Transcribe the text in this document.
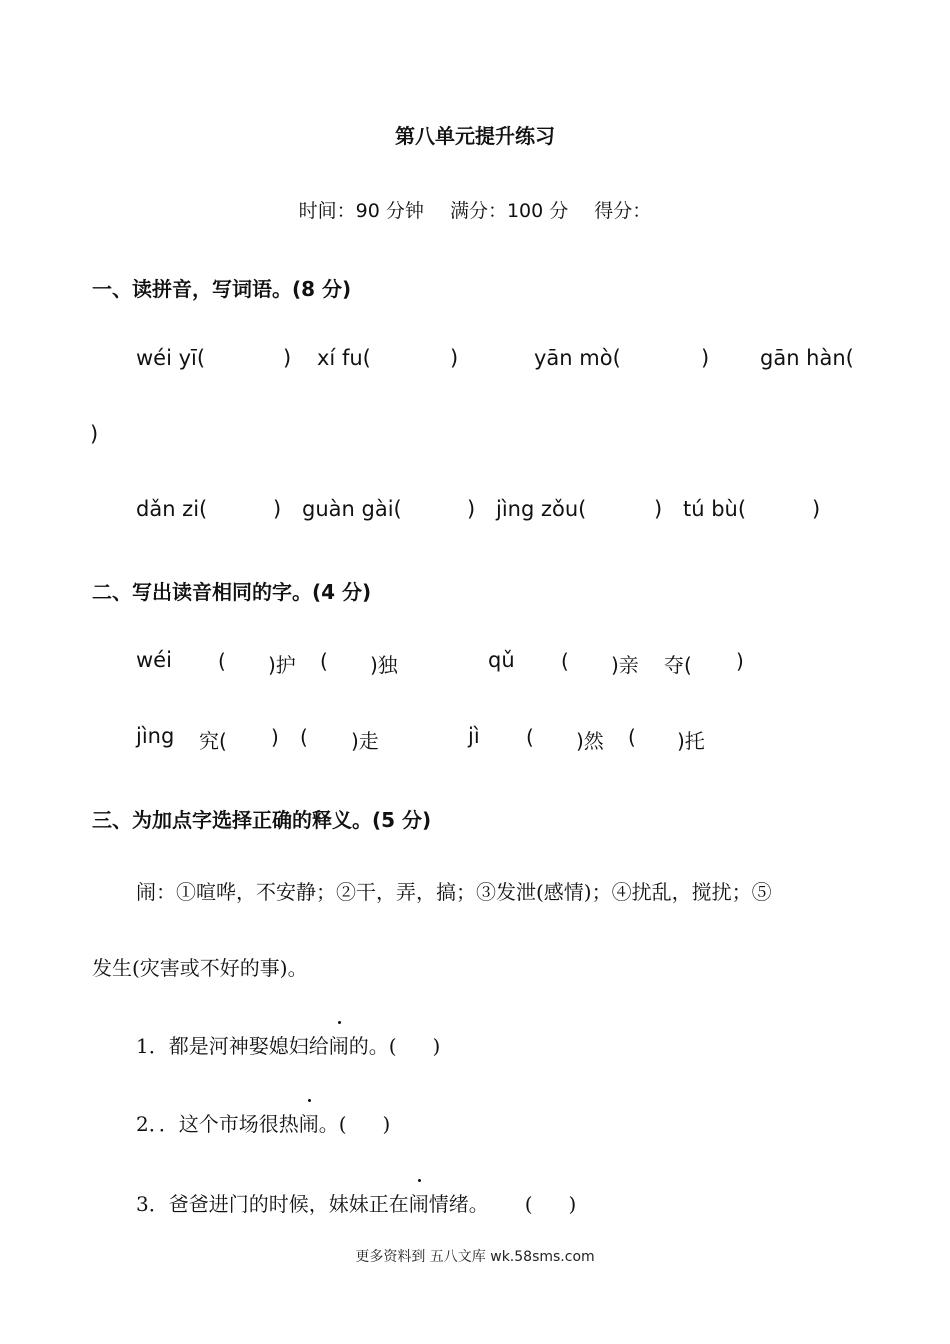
第八单元提升练习
时间：90 分钟 满分：100 分 得分：
一、读拼音，写词语。(8 分)
wéi yī(	) xí fu(	)	yān mò(	) gān hàn(
)
dǎn zi(	) guàn gài(	) jìng zǒu(	) tú bù(	)
二、写出读音相同的字。(4 分)
wéi ( )护 ( )独	qǔ ( )亲 夺( )
jìng 究( ) ( )走	jì ( )然 ( )托
三、为加点字选择正确的释义。(5 分)
闹：①喧哗，不安静；②干，弄，搞；③发泄(感情)；④扰乱，搅扰；⑤
发生(灾害或不好的事)。
1．都是河神娶媳妇给闹的。( )
2．．这个市场很热闹。( )
3．爸爸进门的时候，妹妹正在闹情绪。 ( )
更多资料到 五八文库 wk.58sms.com
